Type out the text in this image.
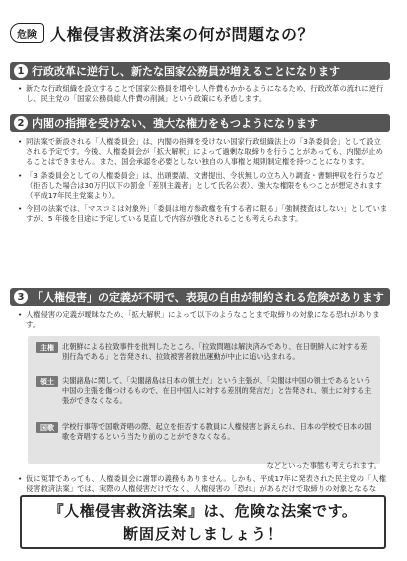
危険 人権侵害救済法案の何が問題なの？
1 行政改革に逆行し、新たな国家公務員が増えることになります
• 新たな行政組織を設立することで国家公務員を増やし人件費もかかるようになるため、行政改革の流れに逆行し、民主党の「国家公務員総人件費の削減」という政策にも矛盾します。
2 内閣の指揮を受けない、強大な権力をもつようになります
• 同法案で新設される「人権委員会」は、内閣の指揮を受けない国家行政組織法上の「3条委員会」として設立される予定です。今後、人権委員会が「拡大解釈」によって過剰な取締りを行うことがあっても、内閣が止めることはできません。また、国会承認を必要としない独自の人事権と規則制定権を持つことになります。
• 「3 条委員会としての人権委員会」は、出頭要請、文書提出、令状無しの立ち入り調査・書類押収を行うなど（拒否した場合は30万円以下の罰金「差別主義者」として氏名公表）、強大な権限をもつことが想定されます（平成17年民主党案より）。
• 今回の法案では、「マスコミは対象外」「委員は地方参政権を有する者に限る」「強制捜査はしない」としていますが、5 年後を目途に予定している見直しで内容が強化されることも考えられます。
3 「人権侵害」の定義が不明で、表現の自由が制約される危険があります
• 人権侵害の定義が曖昧なため、「拡大解釈」によって以下のようなことまで取締りの対象になる恐れがあります。
主権	北朝鮮による拉致事件を批判したところ、「拉致問題は解決済みであり、在日朝鮮人に対する差別行為である」と告発され、拉致被害者救出運動が中止に追い込まれる。
領土	尖閣諸島に関して、「尖閣諸島は日本の領土だ」という主張が、「尖閣は中国の領土であるという中国の主張を傷つけるもので、在日中国人に対する差別的発言だ」と告発され、領土に対する主張ができなくなる。
国歌	学校行事等で国歌斉唱の際、起立を拒否する教員に人権侵害と訴えられ、日本の学校で日本の国歌を斉唱するという当たり前のことができなくなる。
などといった事態も考えられます。
• 仮に冤罪であっても、人権委員会に謝罪の義務もありません。しかも、平成17年に発表された民主党の「人権侵害救済法案」では、実際の人権侵害だけでなく、人権侵害の「恐れ」があるだけで取締りの対象となるな
『人権侵害救済法案』は、危険な法案です。
断固反対しましょう！
